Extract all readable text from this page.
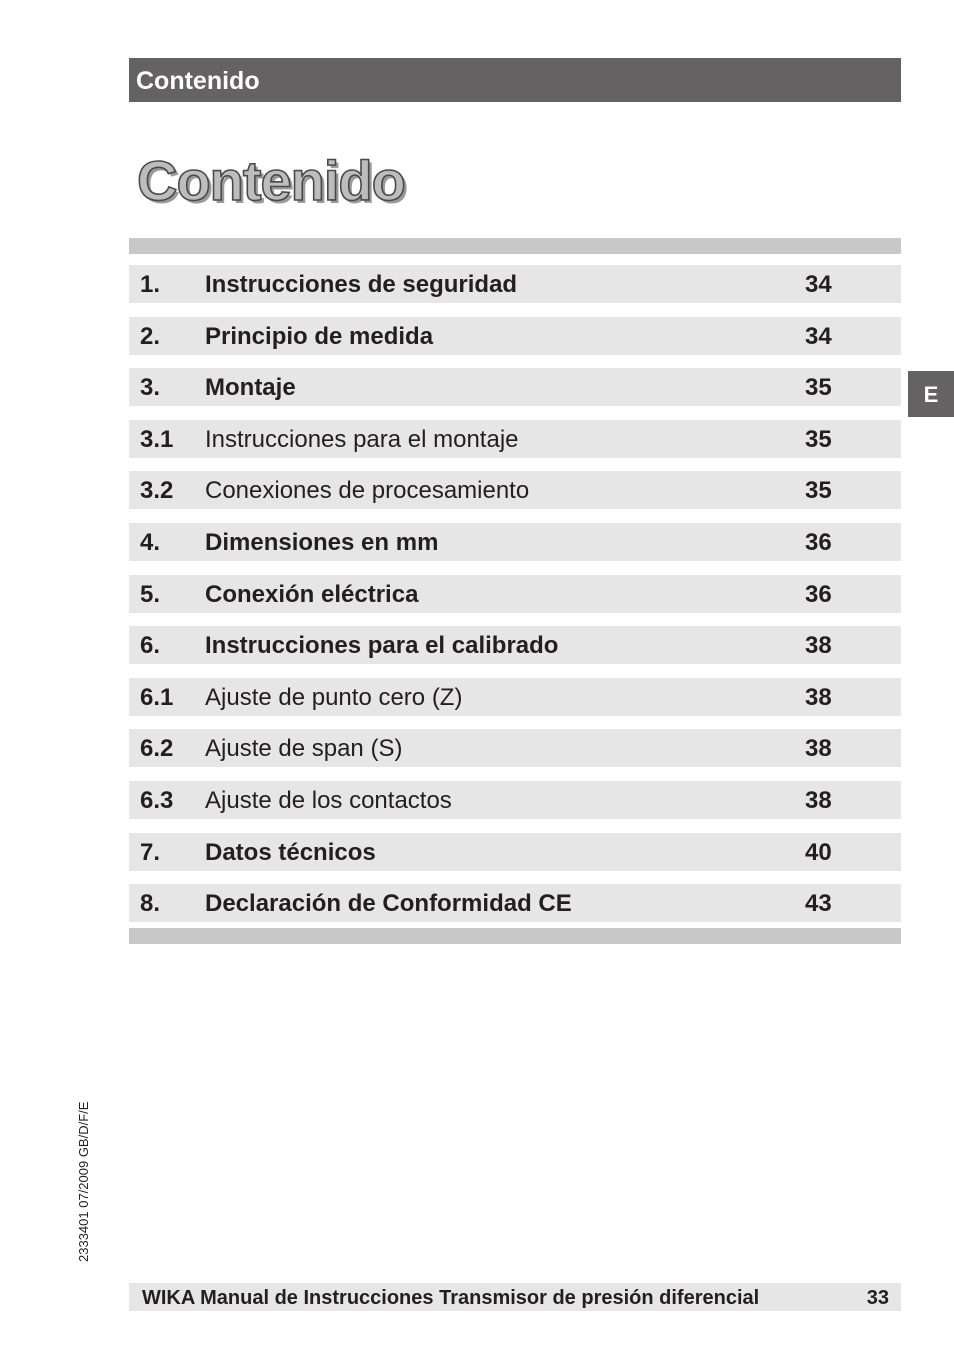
Contenido
Contenido
1. Instrucciones de seguridad	34
2. Principio de medida	34
3. Montaje	35
3.1 Instrucciones para el montaje	35
3.2 Conexiones de procesamiento	35
4. Dimensiones en mm	36
5. Conexión eléctrica	36
6. Instrucciones para el calibrado	38
6.1 Ajuste de punto cero (Z)	38
6.2 Ajuste de span (S)	38
6.3 Ajuste de los contactos	38
7. Datos técnicos	40
8. Declaración de Conformidad CE	43
E
2333401 07/2009 GB/D/F/E
WIKA Manual de Instrucciones Transmisor de presión diferencial	33
